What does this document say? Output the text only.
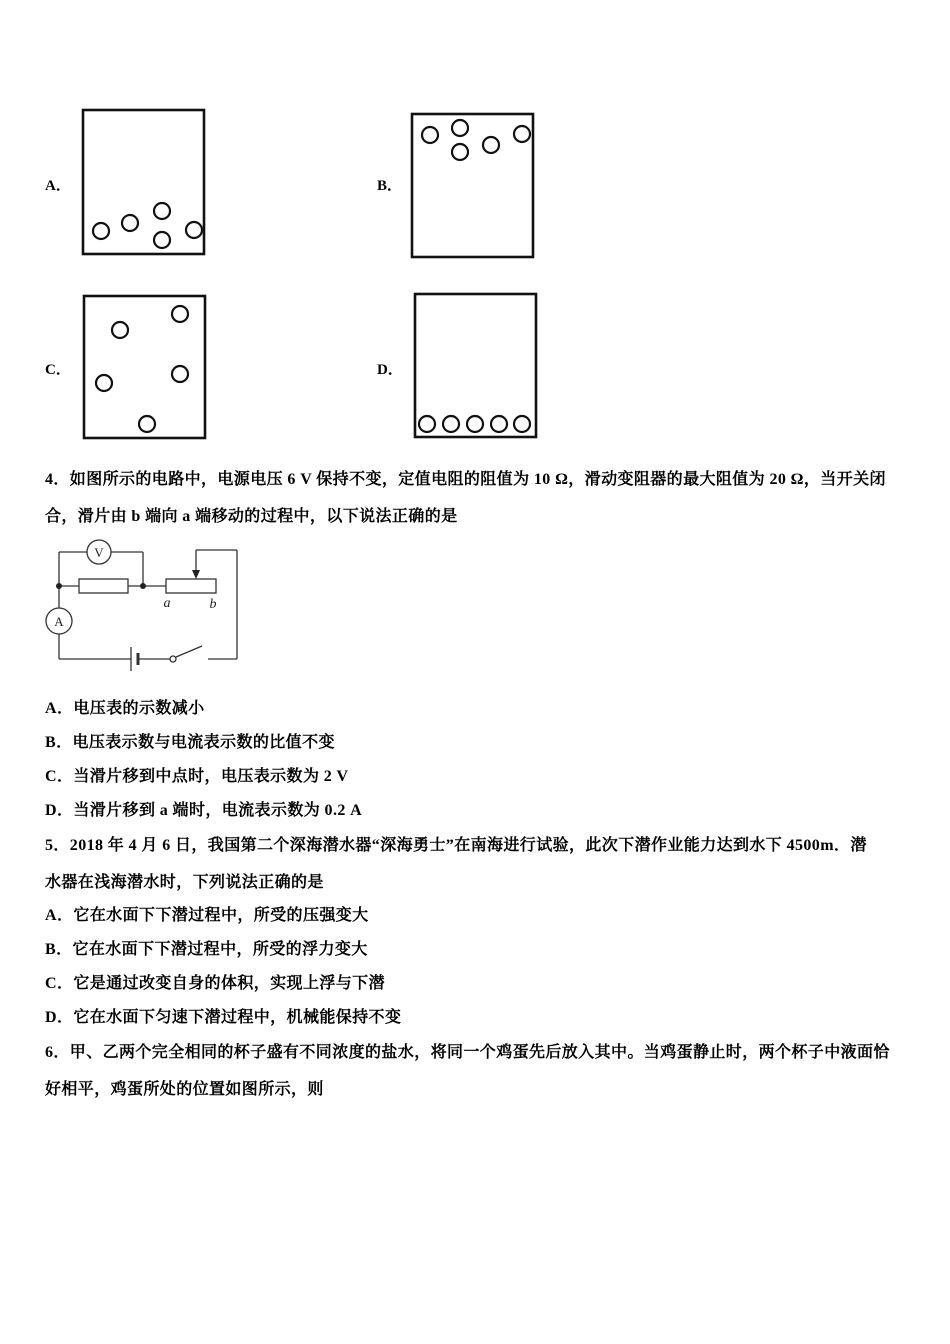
V
a	b
A
A．	B．
C．	D．
4．如图所示的电路中，电源电压 6 V 保持不变，定值电阻的阻值为 10 Ω，滑动变阻器的最大阻值为 20 Ω，当开关闭
合，滑片由 b 端向 a 端移动的过程中，以下说法正确的是
A．电压表的示数减小
B．电压表示数与电流表示数的比值不变
C．当滑片移到中点时，电压表示数为 2 V
D．当滑片移到 a 端时，电流表示数为 0.2 A
5．2018 年 4 月 6 日，我国第二个深海潜水器“深海勇士”在南海进行试验，此次下潜作业能力达到水下 4500m．潜
水器在浅海潜水时，下列说法正确的是
A．它在水面下下潜过程中，所受的压强变大
B．它在水面下下潜过程中，所受的浮力变大
C．它是通过改变自身的体积，实现上浮与下潜
D．它在水面下匀速下潜过程中，机械能保持不变
6．甲、乙两个完全相同的杯子盛有不同浓度的盐水，将同一个鸡蛋先后放入其中。当鸡蛋静止时，两个杯子中液面恰
好相平，鸡蛋所处的位置如图所示，则
